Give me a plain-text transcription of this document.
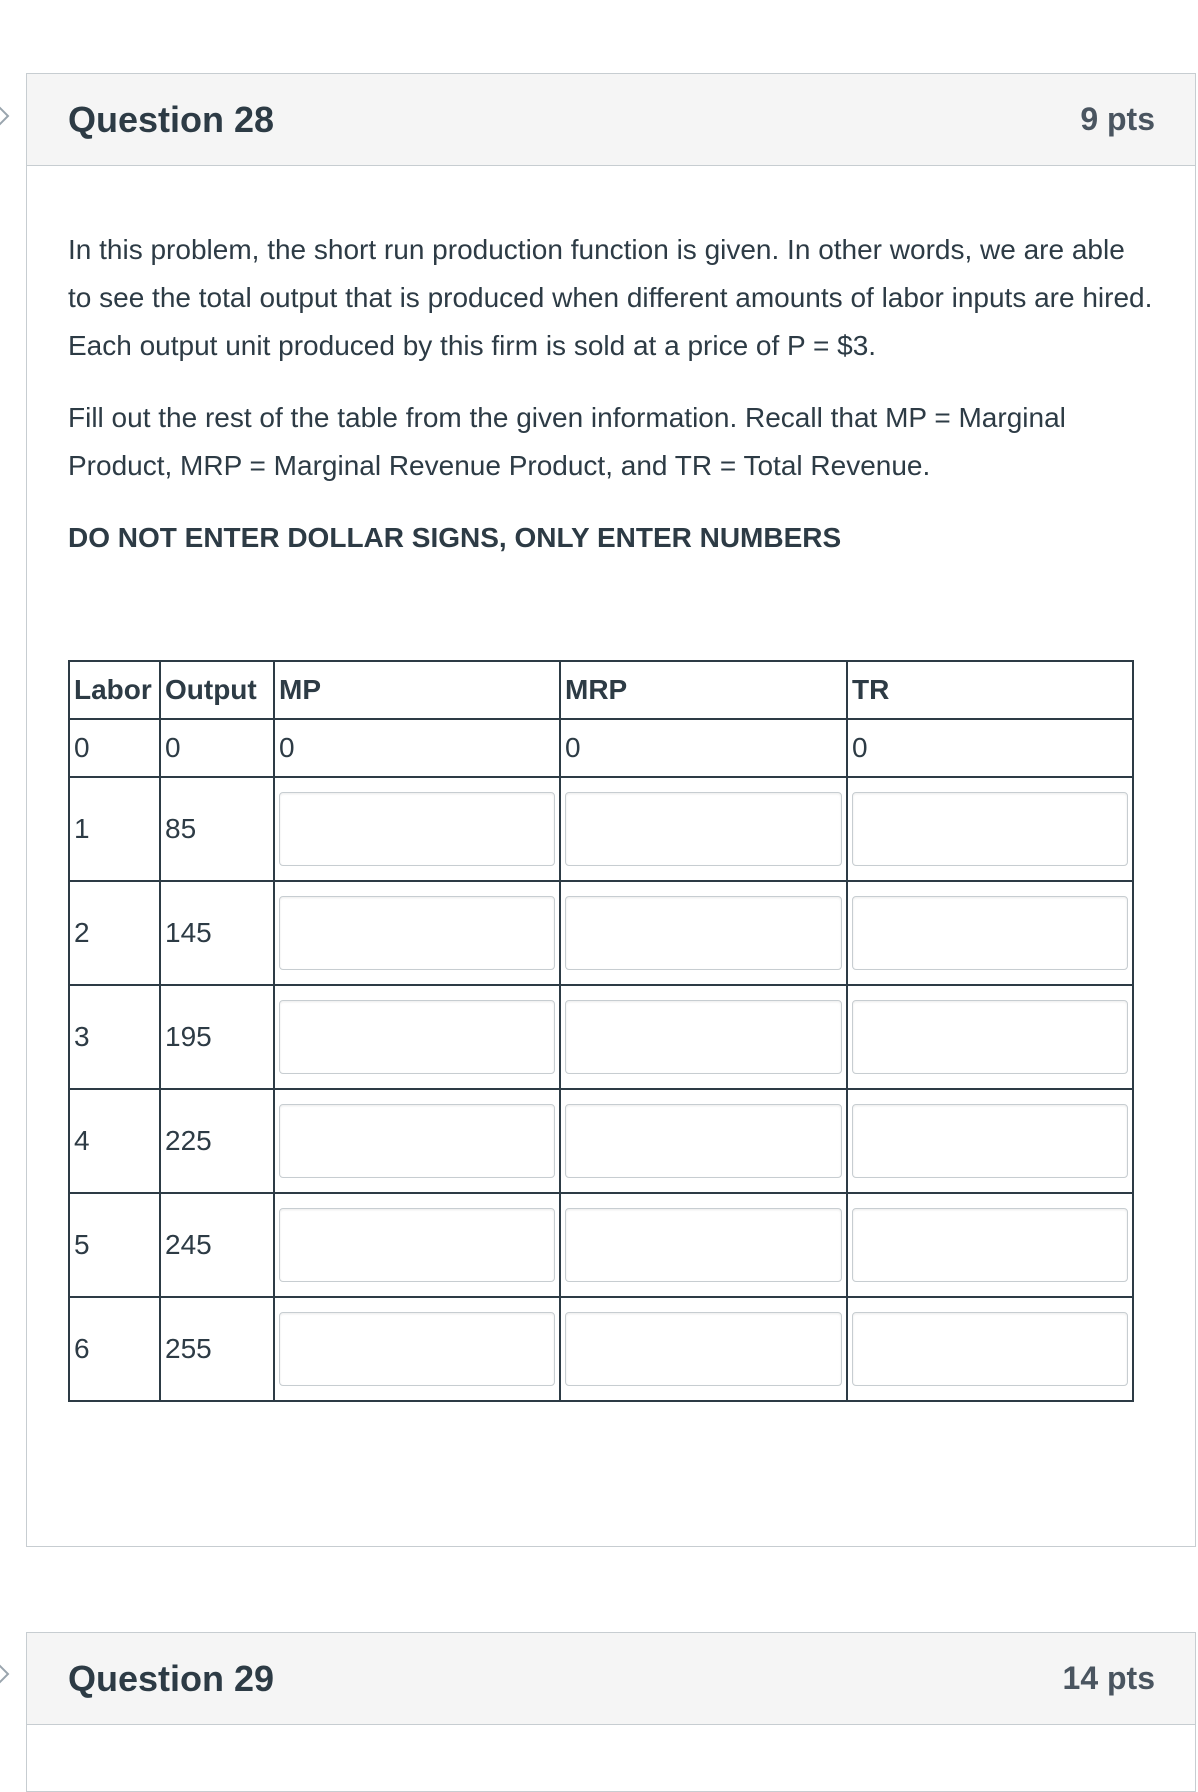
Question 28	9 pts

In this problem, the short run production function is given. In other words, we are able to see the total output that is produced when different amounts of labor inputs are hired. Each output unit produced by this firm is sold at a price of P = $3.

Fill out the rest of the table from the given information. Recall that MP = Marginal Product, MRP = Marginal Revenue Product, and TR = Total Revenue.

DO NOT ENTER DOLLAR SIGNS, ONLY ENTER NUMBERS

Labor	Output	MP	MRP	TR
0	0	0	0	0
1	85	

2	145	

3	195	

4	225	

5	245	

6	255	

Question 29	14 pts
